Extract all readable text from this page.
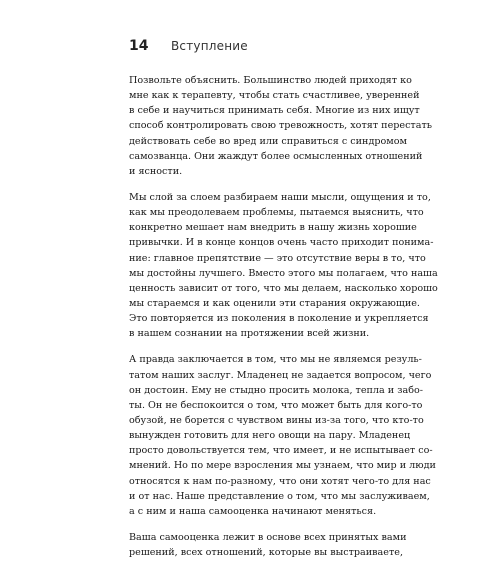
14	Вступление
Позвольте объяснить. Большинство людей приходят ко
мне как к терапевту, чтобы стать счастливее, уверенней
в себе и научиться принимать себя. Многие из них ищут
способ контролировать свою тревожность, хотят перестать
действовать себе во вред или справиться с синдромом
самозванца. Они жаждут более осмысленных отношений
и ясности.
Мы слой за слоем разбираем наши мысли, ощущения и то,
как мы преодолеваем проблемы, пытаемся выяснить, что
конкретно мешает нам внедрить в нашу жизнь хорошие
привычки. И в конце концов очень часто приходит понима-
ние: главное препятствие — это отсутствие веры в то, что
мы достойны лучшего. Вместо этого мы полагаем, что наша
ценность зависит от того, что мы делаем, насколько хорошо
мы стараемся и как оценили эти старания окружающие.
Это повторяется из поколения в поколение и укрепляется
в нашем сознании на протяжении всей жизни.
А правда заключается в том, что мы не являемся резуль-
татом наших заслуг. Младенец не задается вопросом, чего
он достоин. Ему не стыдно просить молока, тепла и забо-
ты. Он не беспокоится о том, что может быть для кого-то
обузой, не борется с чувством вины из-за того, что кто-то
вынужден готовить для него овощи на пару. Младенец
просто довольствуется тем, что имеет, и не испытывает со-
мнений. Но по мере взросления мы узнаем, что мир и люди
относятся к нам по-разному, что они хотят чего-то для нас
и от нас. Наше представление о том, что мы заслуживаем,
а с ним и наша самооценка начинают меняться.
Ваша самооценка лежит в основе всех принятых вами
решений, всех отношений, которые вы выстраиваете,
